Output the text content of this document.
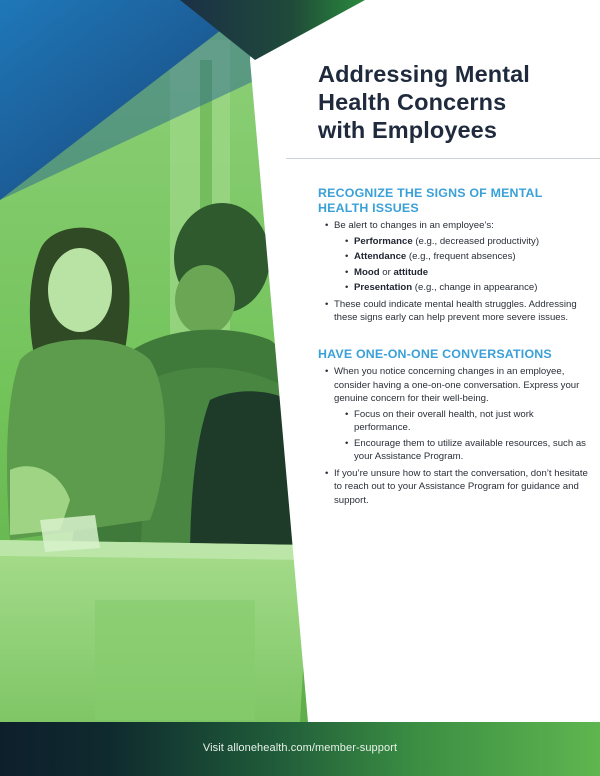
Addressing Mental
Health Concerns
with Employees
RECOGNIZE THE SIGNS OF MENTAL
HEALTH ISSUES
• Be alert to changes in an employee’s:
• Performance (e.g., decreased productivity)
• Attendance (e.g., frequent absences)
• Mood or attitude
• Presentation (e.g., change in appearance)
• These could indicate mental health struggles. Addressing these signs early can help prevent more severe issues.
HAVE ONE-ON-ONE CONVERSATIONS
• When you notice concerning changes in an employee, consider having a one-on-one conversation. Express your genuine concern for their well-being.
• Focus on their overall health, not just work performance.
• Encourage them to utilize available resources, such as your Assistance Program.
• If you’re unsure how to start the conversation, don’t hesitate to reach out to your Assistance Program for guidance and support.
Visit allonehealth.com/member-support
